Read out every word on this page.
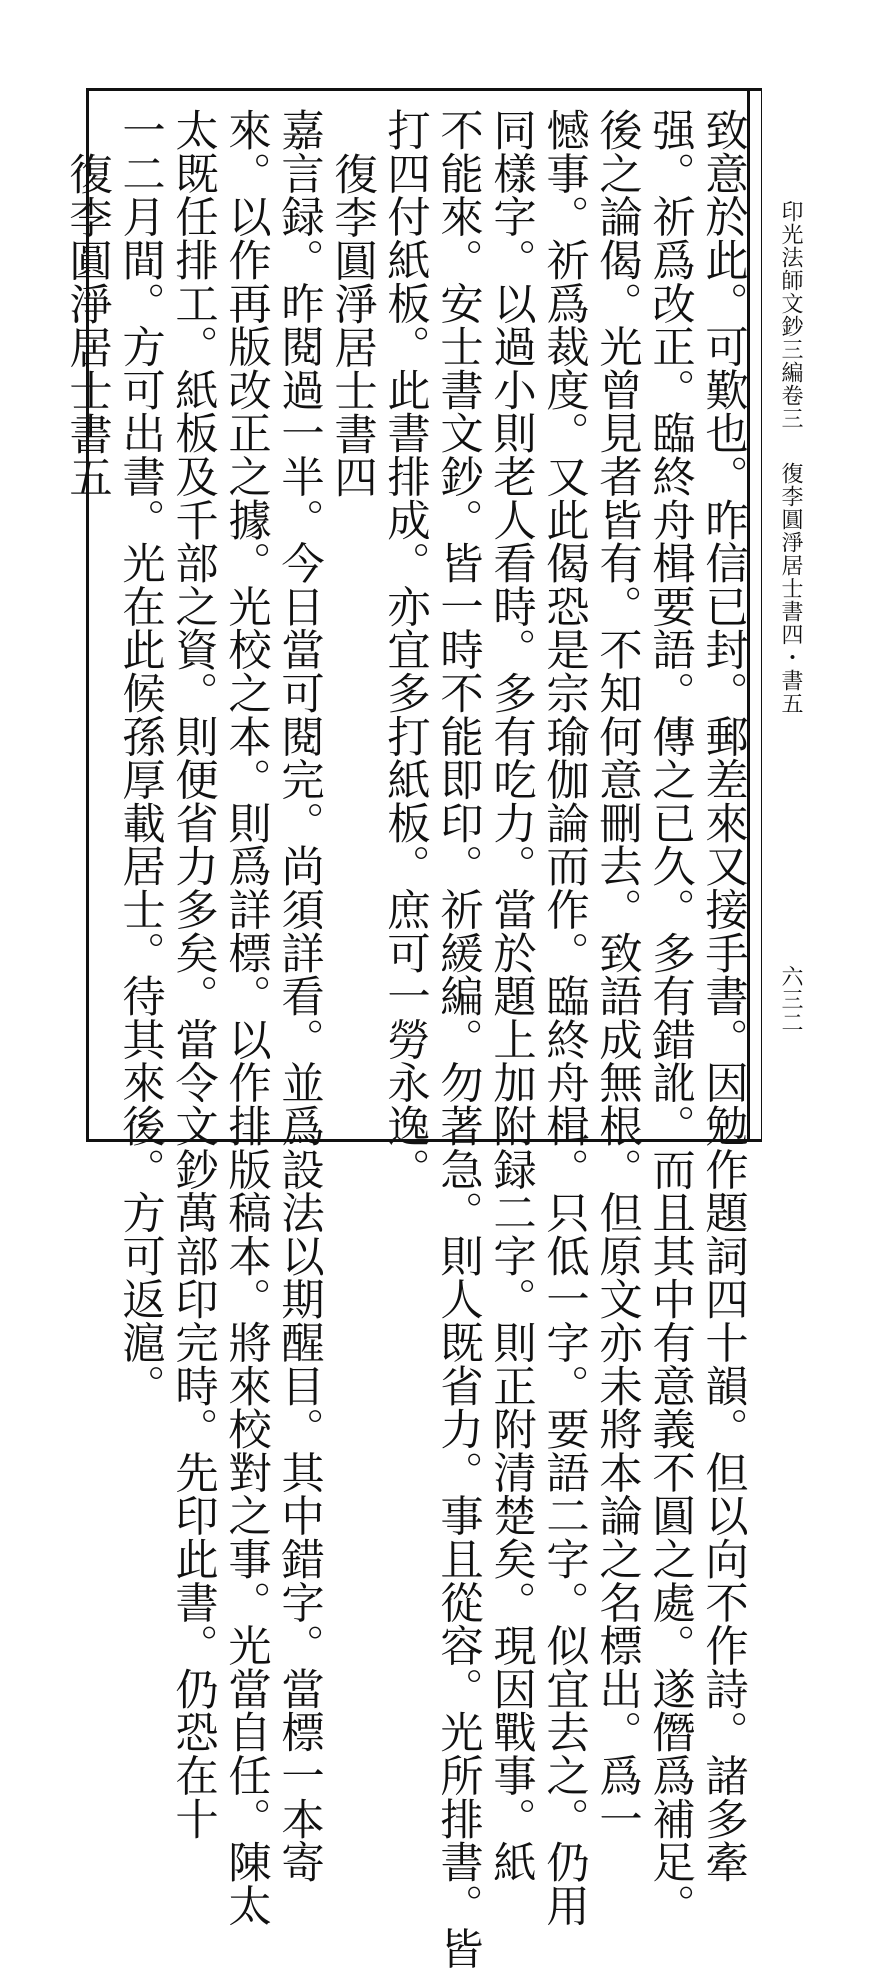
印光法師文鈔三編卷三
復李圓淨居士書四・書五
六三二
致意於此。可歎也。昨信已封。郵差來又接手書。因勉作題詞四十韻。但以向不作詩。諸多牽
强。祈爲改正。臨終舟楫要語。傳之已久。多有錯訛。而且其中有意義不圓之處。遂僭爲補足。
後之論偈。光曾見者皆有。不知何意刪去。致語成無根。但原文亦未將本論之名標出。爲一
憾事。祈爲裁度。又此偈恐是宗瑜伽論而作。臨終舟楫。只低一字。要語二字。似宜去之。仍用
同樣字。以過小則老人看時。多有吃力。當於題上加附録二字。則正附清楚矣。現因戰事。紙
不能來。安士書文鈔。皆一時不能即印。祈緩編。勿著急。則人既省力。事且從容。光所排書。皆
打四付紙板。此書排成。亦宜多打紙板。庶可一勞永逸。
復李圓淨居士書四
嘉言録。昨閱過一半。今日當可閱完。尚須詳看。並爲設法以期醒目。其中錯字。當標一本寄
來。以作再版改正之據。光校之本。則爲詳標。以作排版稿本。將來校對之事。光當自任。陳太
太既任排工。紙板及千部之資。則便省力多矣。當令文鈔萬部印完時。先印此書。仍恐在十
一二月間。方可出書。光在此候孫厚載居士。待其來後。方可返滬。
復李圓淨居士書五
